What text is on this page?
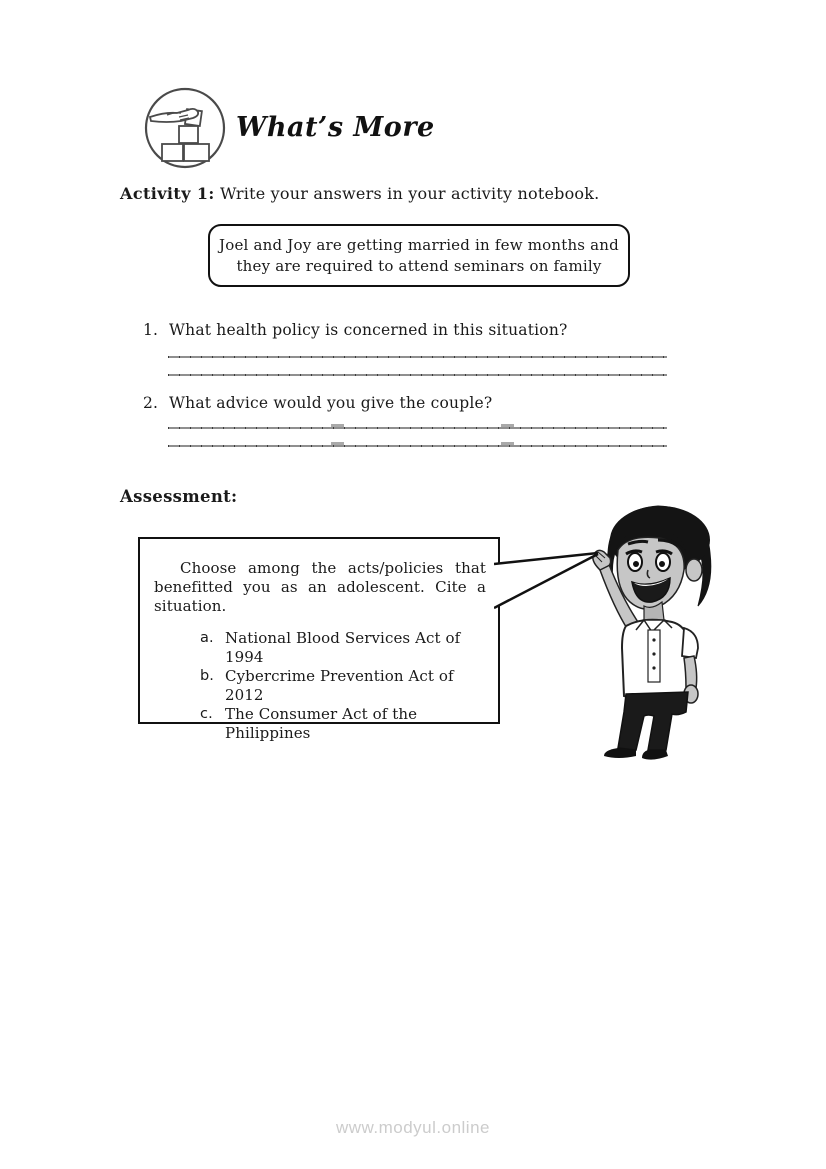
What’s More
Activity 1: Write your answers in your activity notebook.
Joel and Joy are getting married in few months and
they are required to attend seminars on family
1. What health policy is concerned in this situation?
2. What advice would you give the couple?
Assessment:
Choose among the acts/policies that
benefitted you as an adolescent. Cite a
situation.
a. National Blood Services Act of
1994
b. Cybercrime Prevention Act of 2012
c. The Consumer Act of the
Philippines
www.modyul.online
